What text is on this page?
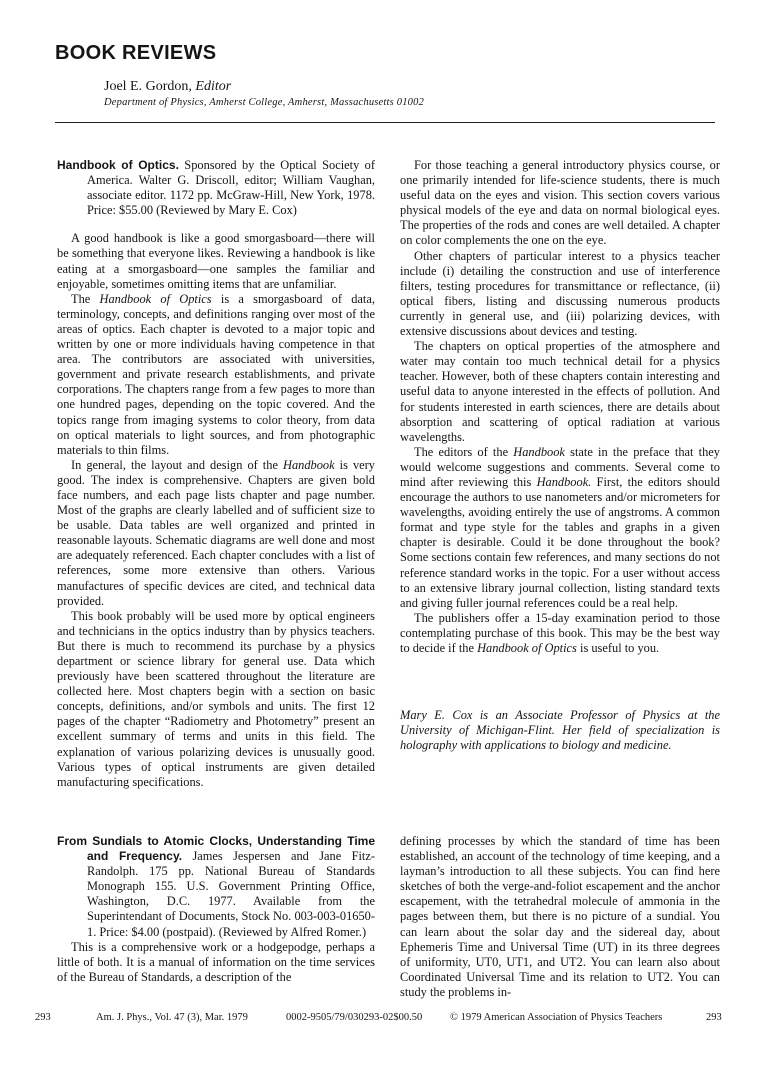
BOOK REVIEWS
Joel E. Gordon, Editor
Department of Physics, Amherst College, Amherst, Massachusetts 01002

Handbook of Optics. Sponsored by the Optical Society of America. Walter G. Driscoll, editor; William Vaughan, associate editor. 1172 pp. McGraw-Hill, New York, 1978. Price: $55.00 (Reviewed by Mary E. Cox)

A good handbook is like a good smorgasboard—there will be something that everyone likes. Reviewing a handbook is like eating at a smorgasboard—one samples the familiar and enjoyable, sometimes omitting items that are unfamiliar.

The Handbook of Optics is a smorgasboard of data, terminology, concepts, and definitions ranging over most of the areas of optics. Each chapter is devoted to a major topic and written by one or more individuals having competence in that area. The contributors are associated with universities, government and private research establishments, and private corporations. The chapters range from a few pages to more than one hundred pages, depending on the topic covered. And the topics range from imaging systems to color theory, from data on optical materials to light sources, and from photographic materials to thin films.

In general, the layout and design of the Handbook is very good. The index is comprehensive. Chapters are given bold face numbers, and each page lists chapter and page number. Most of the graphs are clearly labelled and of sufficient size to be usable. Data tables are well organized and printed in reasonable layouts. Schematic diagrams are well done and most are adequately referenced. Each chapter concludes with a list of references, some more extensive than others. Various manufactures of specific devices are cited, and technical data provided.

This book probably will be used more by optical engineers and technicians in the optics industry than by physics teachers. But there is much to recommend its purchase by a physics department or science library for general use. Data which previously have been scattered throughout the literature are collected here. Most chapters begin with a section on basic concepts, definitions, and/or symbols and units. The first 12 pages of the chapter “Radiometry and Photometry” present an excellent summary of terms and units in this field. The explanation of various polarizing devices is unusually good. Various types of optical instruments are given detailed manufacturing specifications.

For those teaching a general introductory physics course, or one primarily intended for life-science students, there is much useful data on the eyes and vision. This section covers various physical models of the eye and data on normal biological eyes. The properties of the rods and cones are well detailed. A chapter on color complements the one on the eye.

Other chapters of particular interest to a physics teacher include (i) detailing the construction and use of interference filters, testing procedures for transmittance or reflectance, (ii) optical fibers, listing and discussing numerous products currently in general use, and (iii) polarizing devices, with extensive discussions about devices and testing.

The chapters on optical properties of the atmosphere and water may contain too much technical detail for a physics teacher. However, both of these chapters contain interesting and useful data to anyone interested in the effects of pollution. And for students interested in earth sciences, there are details about absorption and scattering of optical radiation at various wavelengths.

The editors of the Handbook state in the preface that they would welcome suggestions and comments. Several come to mind after reviewing this Handbook. First, the editors should encourage the authors to use nanometers and/or micrometers for wavelengths, avoiding entirely the use of angstroms. A common format and type style for the tables and graphs in a given chapter is desirable. Could it be done throughout the book? Some sections contain few references, and many sections do not reference standard works in the topic. For a user without access to an extensive library journal collection, listing standard texts and giving fuller journal references could be a real help.

The publishers offer a 15-day examination period to those contemplating purchase of this book. This may be the best way to decide if the Handbook of Optics is useful to you.

Mary E. Cox is an Associate Professor of Physics at the University of Michigan-Flint. Her field of specialization is holography with applications to biology and medicine.

From Sundials to Atomic Clocks, Understanding Time and Frequency. James Jespersen and Jane Fitz-Randolph. 175 pp. National Bureau of Standards Monograph 155. U.S. Government Printing Office, Washington, D.C. 1977. Available from the Superintendant of Documents, Stock No. 003-003-01650-1. Price: $4.00 (postpaid). (Reviewed by Alfred Romer.)

This is a comprehensive work or a hodgepodge, perhaps a little of both. It is a manual of information on the time services of the Bureau of Standards, a description of the

defining processes by which the standard of time has been established, an account of the technology of time keeping, and a layman’s introduction to all these subjects. You can find here sketches of both the verge-and-foliot escapement and the anchor escapement, with the tetrahedral molecule of ammonia in the pages between them, but there is no picture of a sundial. You can learn about the solar day and the sidereal day, about Ephemeris Time and Universal Time (UT) in its three degrees of uniformity, UT0, UT1, and UT2. You can learn also about Coordinated Universal Time and its relation to UT2. You can study the problems in-

293	Am. J. Phys., Vol. 47 (3), Mar. 1979	0002-9505/79/030293-02$00.50	© 1979 American Association of Physics Teachers	293
